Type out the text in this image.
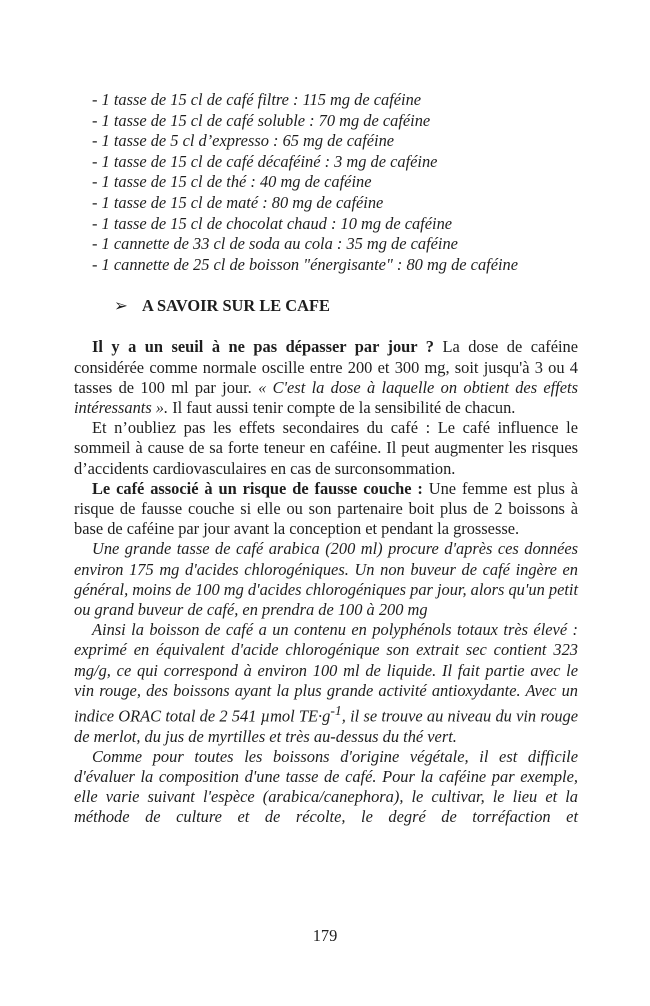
- 1 tasse de 15 cl de café filtre : 115 mg de caféine
- 1 tasse de 15 cl de café soluble : 70 mg de caféine
- 1 tasse de 5 cl d’expresso : 65 mg de caféine
- 1 tasse de 15 cl de café décaféiné : 3 mg de caféine
- 1 tasse de 15 cl de thé : 40 mg de caféine
- 1 tasse de 15 cl de maté : 80 mg de caféine
- 1 tasse de 15 cl de chocolat chaud : 10 mg de caféine
- 1 cannette de 33 cl de soda au cola : 35 mg de caféine
- 1 cannette de 25 cl de boisson "énergisante" : 80 mg de caféine
➢ A SAVOIR SUR LE CAFE

Il y a un seuil à ne pas dépasser par jour ? La dose de caféine considérée comme normale oscille entre 200 et 300 mg, soit jusqu'à 3 ou 4 tasses de 100 ml par jour. « C'est la dose à laquelle on obtient des effets intéressants ». Il faut aussi tenir compte de la sensibilité de chacun.

Et n’oubliez pas les effets secondaires du café : Le café influence le sommeil à cause de sa forte teneur en caféine. Il peut augmenter les risques d’accidents cardiovasculaires en cas de surconsommation.

Le café associé à un risque de fausse couche : Une femme est plus à risque de fausse couche si elle ou son partenaire boit plus de 2 boissons à base de caféine par jour avant la conception et pendant la grossesse.

Une grande tasse de café arabica (200 ml) procure d'après ces données environ 175 mg d'acides chlorogéniques. Un non buveur de café ingère en général, moins de 100 mg d'acides chlorogéniques par jour, alors qu'un petit ou grand buveur de café, en prendra de 100 à 200 mg

Ainsi la boisson de café a un contenu en polyphénols totaux très élevé : exprimé en équivalent d'acide chlorogénique son extrait sec contient 323 mg/g, ce qui correspond à environ 100 ml de liquide. Il fait partie avec le vin rouge, des boissons ayant la plus grande activité antioxydante. Avec un indice ORAC total de 2 541 µmol $TE\cdot g^{-1}$, il se trouve au niveau du vin rouge de merlot, du jus de myrtilles et très au-dessus du thé vert.

Comme pour toutes les boissons d'origine végétale, il est difficile d'évaluer la composition d'une tasse de café. Pour la caféine par exemple, elle varie suivant l'espèce (arabica/canephora), le cultivar, le lieu et la méthode de culture et de récolte, le degré de torréfaction et

179
